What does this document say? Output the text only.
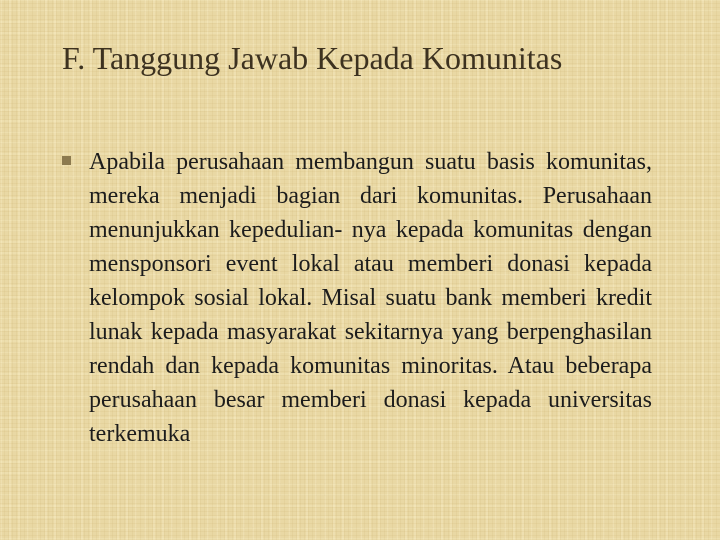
F. Tanggung Jawab Kepada Komunitas

Apabila perusahaan membangun suatu basis komunitas, mereka menjadi bagian dari komunitas. Perusahaan menunjukkan kepedulian- nya kepada komunitas dengan mensponsori event lokal atau memberi donasi kepada kelompok sosial lokal. Misal suatu bank memberi kredit lunak kepada masyarakat sekitarnya yang berpenghasilan rendah dan kepada komunitas minoritas. Atau beberapa perusahaan besar memberi donasi kepada universitas terkemuka
